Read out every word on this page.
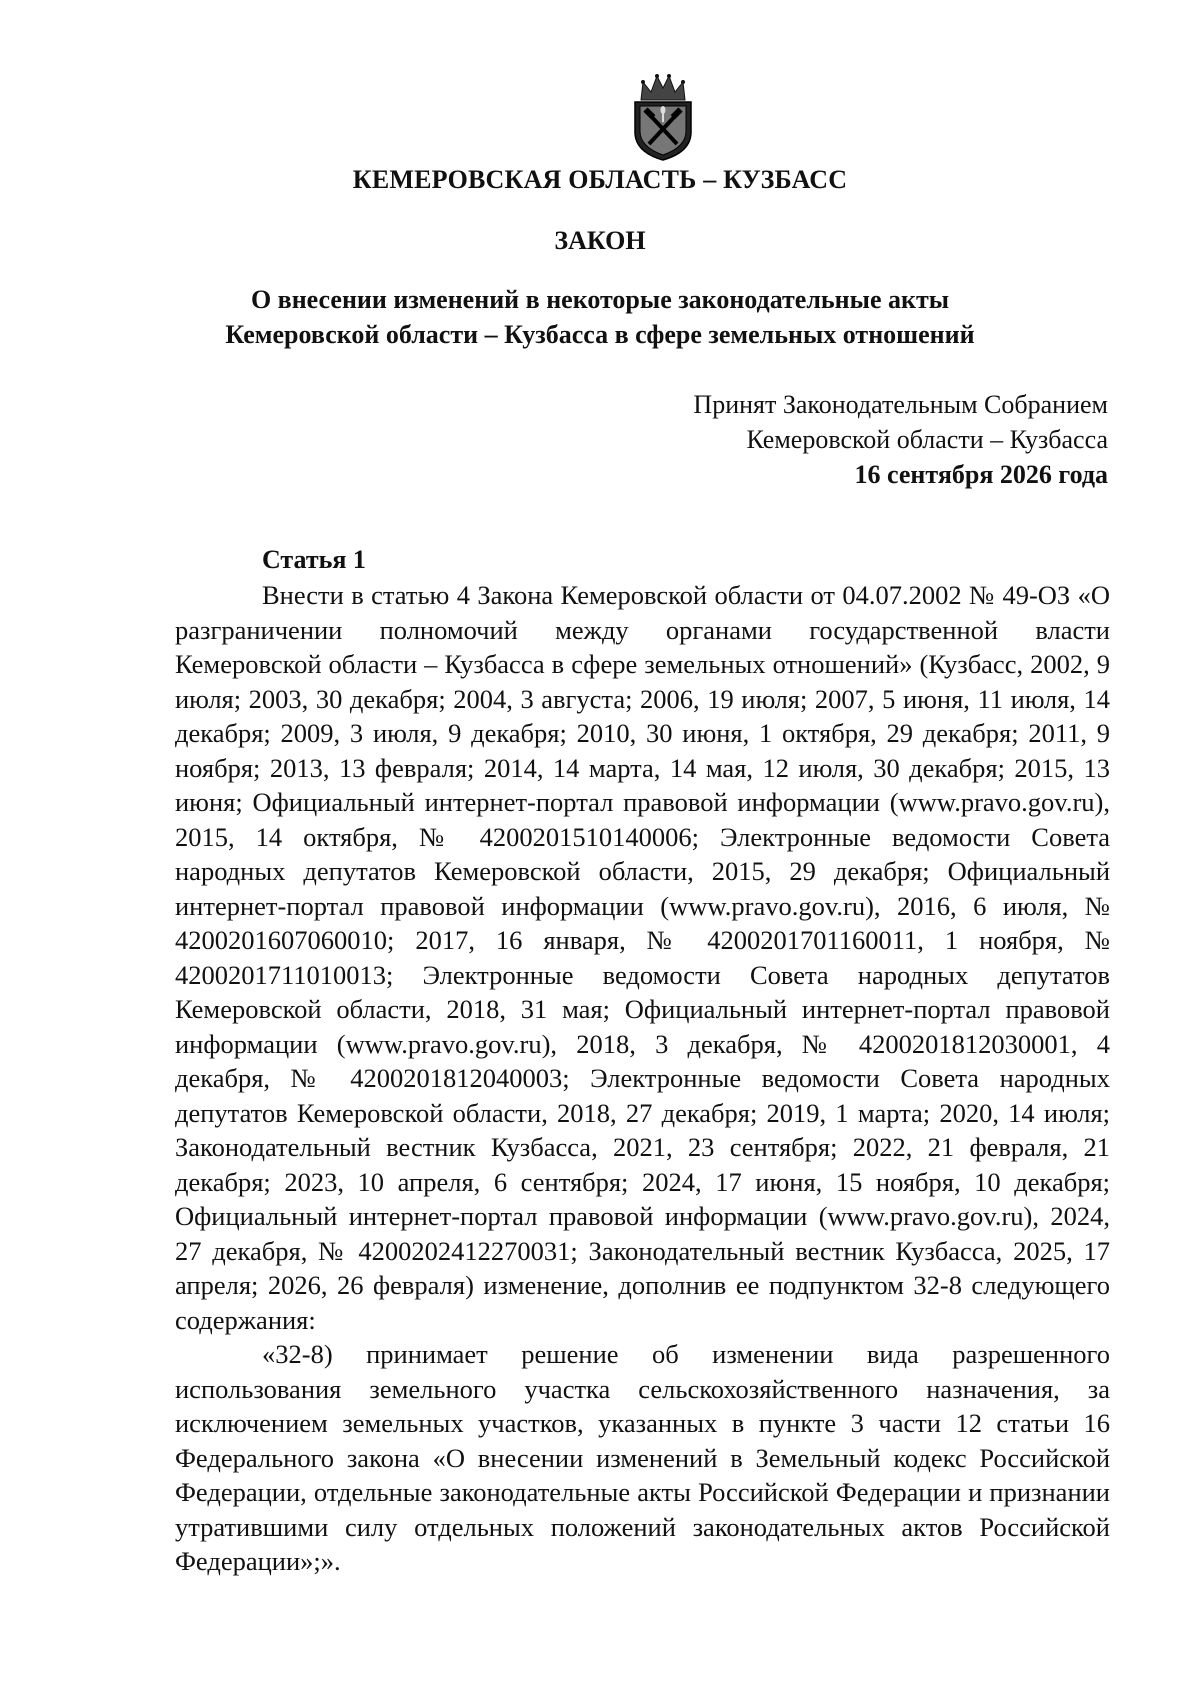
КЕМЕРОВСКАЯ ОБЛАСТЬ – КУЗБАСС
ЗАКОН
О внесении изменений в некоторые законодательные акты
Кемеровской области – Кузбасса в сфере земельных отношений
Принят Законодательным Собранием
Кемеровской области – Кузбасса
16 сентября 2026 года
Статья 1

Внести в статью 4 Закона Кемеровской области от 04.07.2002 № 49-ОЗ «О разграничении полномочий между органами государственной власти Кемеровской области – Кузбасса в сфере земельных отношений» (Кузбасс, 2002, 9 июля; 2003, 30 декабря; 2004, 3 августа; 2006, 19 июля; 2007, 5 июня, 11 июля, 14 декабря; 2009, 3 июля, 9 декабря; 2010, 30 июня, 1 октября, 29 декабря; 2011, 9 ноября; 2013, 13 февраля; 2014, 14 марта, 14 мая, 12 июля, 30 декабря; 2015, 13 июня; Официальный интернет-портал правовой информации (www.pravo.gov.ru), 2015, 14 октября, № 4200201510140006; Электронные ведомости Совета народных депутатов Кемеровской области, 2015, 29 декабря; Официальный интернет-портал правовой информации (www.pravo.gov.ru), 2016, 6 июля, № 4200201607060010; 2017, 16 января, № 4200201701160011, 1 ноября, № 4200201711010013; Электронные ведомости Совета народных депутатов Кемеровской области, 2018, 31 мая; Официальный интернет-портал правовой информации (www.pravo.gov.ru), 2018, 3 декабря, № 4200201812030001, 4 декабря, № 4200201812040003; Электронные ведомости Совета народных депутатов Кемеровской области, 2018, 27 декабря; 2019, 1 марта; 2020, 14 июля; Законодательный вестник Кузбасса, 2021, 23 сентября; 2022, 21 февраля, 21 декабря; 2023, 10 апреля, 6 сентября; 2024, 17 июня, 15 ноября, 10 декабря; Официальный интернет-портал правовой информации (www.pravo.gov.ru), 2024, 27 декабря, № 4200202412270031; Законодательный вестник Кузбасса, 2025, 17 апреля; 2026, 26 февраля) изменение, дополнив ее подпунктом 32-8 следующего содержания:

«32-8) принимает решение об изменении вида разрешенного использования земельного участка сельскохозяйственного назначения, за исключением земельных участков, указанных в пункте 3 части 12 статьи 16 Федерального закона «О внесении изменений в Земельный кодекс Российской Федерации, отдельные законодательные акты Российской Федерации и признании утратившими силу отдельных положений законодательных актов Российской Федерации»;».
